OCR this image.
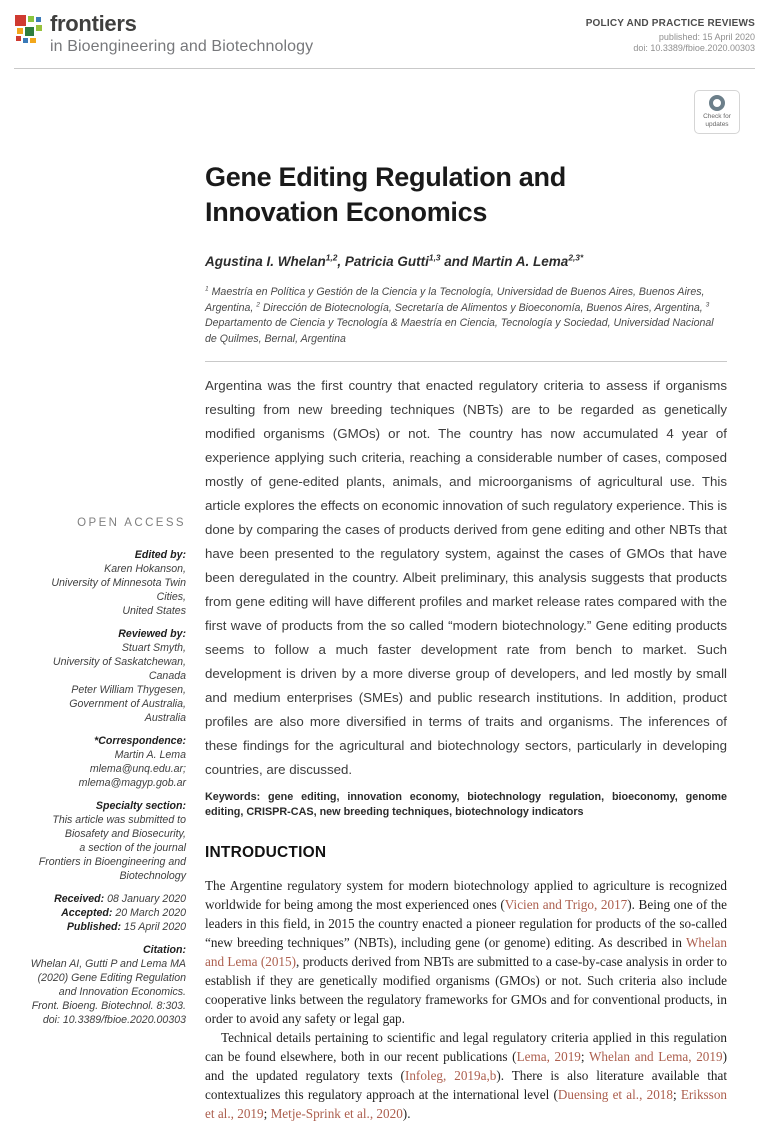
frontiers
in Bioengineering and Biotechnology
POLICY AND PRACTICE REVIEWS
published: 15 April 2020
doi: 10.3389/fbioe.2020.00303
Check for
updates
OPEN ACCESS
Edited by:
Karen Hokanson,
University of Minnesota Twin Cities,
United States
Reviewed by:
Stuart Smyth,
University of Saskatchewan, Canada
Peter William Thygesen,
Government of Australia, Australia
*Correspondence:
Martin A. Lema
mlema@unq.edu.ar;
mlema@magyp.gob.ar
Specialty section:
This article was submitted to
Biosafety and Biosecurity,
a section of the journal
Frontiers in Bioengineering and
Biotechnology
Received: 08 January 2020
Accepted: 20 March 2020
Published: 15 April 2020
Citation:
Whelan AI, Gutti P and Lema MA
(2020) Gene Editing Regulation
and Innovation Economics.
Front. Bioeng. Biotechnol. 8:303.
doi: 10.3389/fbioe.2020.00303
Gene Editing Regulation and Innovation Economics
Agustina I. Whelan$^{1,2}$, Patricia Gutti$^{1,3}$ and Martin A. Lema$^{2,3*}$
$^1$ Maestría en Política y Gestión de la Ciencia y la Tecnología, Universidad de Buenos Aires, Buenos Aires, Argentina, $^2$ Dirección de Biotecnología, Secretaría de Alimentos y Bioeconomía, Buenos Aires, Argentina, $^3$ Departamento de Ciencia y Tecnología & Maestría en Ciencia, Tecnología y Sociedad, Universidad Nacional de Quilmes, Bernal, Argentina
Argentina was the first country that enacted regulatory criteria to assess if organisms resulting from new breeding techniques (NBTs) are to be regarded as genetically modified organisms (GMOs) or not. The country has now accumulated 4 year of experience applying such criteria, reaching a considerable number of cases, composed mostly of gene-edited plants, animals, and microorganisms of agricultural use. This article explores the effects on economic innovation of such regulatory experience. This is done by comparing the cases of products derived from gene editing and other NBTs that have been presented to the regulatory system, against the cases of GMOs that have been deregulated in the country. Albeit preliminary, this analysis suggests that products from gene editing will have different profiles and market release rates compared with the first wave of products from the so called “modern biotechnology.” Gene editing products seems to follow a much faster development rate from bench to market. Such development is driven by a more diverse group of developers, and led mostly by small and medium enterprises (SMEs) and public research institutions. In addition, product profiles are also more diversified in terms of traits and organisms. The inferences of these findings for the agricultural and biotechnology sectors, particularly in developing countries, are discussed.
Keywords: gene editing, innovation economy, biotechnology regulation, bioeconomy, genome editing, CRISPR-CAS, new breeding techniques, biotechnology indicators
INTRODUCTION

The Argentine regulatory system for modern biotechnology applied to agriculture is recognized worldwide for being among the most experienced ones (Vicien and Trigo, 2017). Being one of the leaders in this field, in 2015 the country enacted a pioneer regulation for products of the so-called “new breeding techniques” (NBTs), including gene (or genome) editing. As described in Whelan and Lema (2015), products derived from NBTs are submitted to a case-by-case analysis in order to establish if they are genetically modified organisms (GMOs) or not. Such criteria also include cooperative links between the regulatory frameworks for GMOs and for conventional products, in order to avoid any safety or legal gap.

Technical details pertaining to scientific and legal regulatory criteria applied in this regulation can be found elsewhere, both in our recent publications (Lema, 2019; Whelan and Lema, 2019) and the updated regulatory texts (Infoleg, 2019a,b). There is also literature available that contextualizes this regulatory approach at the international level (Duensing et al., 2018; Eriksson et al., 2019; Metje-Sprink et al., 2020).
